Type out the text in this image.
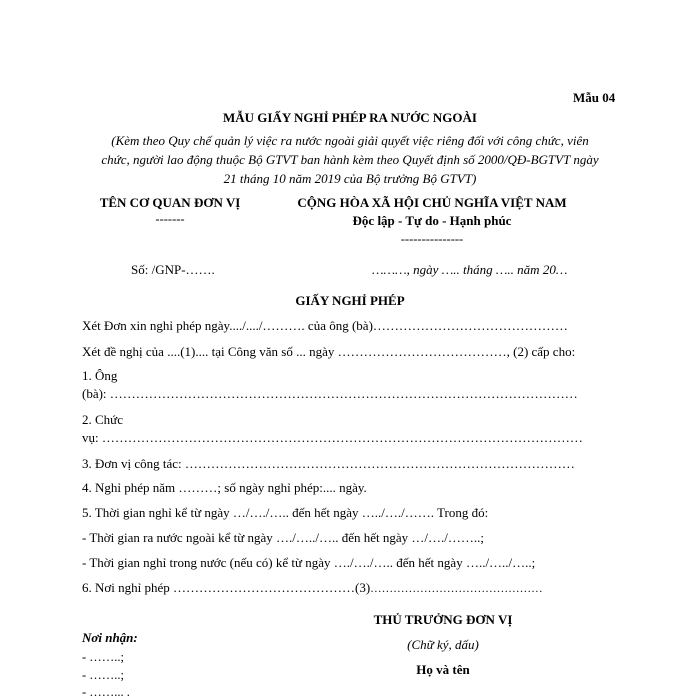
Mẫu 04
MẪU GIẤY NGHỈ PHÉP RA NƯỚC NGOÀI
(Kèm theo Quy chế quản lý việc ra nước ngoài giải quyết việc riêng đối với công chức, viên
chức, người lao động thuộc Bộ GTVT ban hành kèm theo Quyết định số 2000/QĐ-BGTVT ngày
21 tháng 10 năm 2019 của Bộ trưởng Bộ GTVT)
TÊN CƠ QUAN ĐƠN VỊ
-------
CỘNG HÒA XÃ HỘI CHỦ NGHĨA VIỆT NAM
Độc lập - Tự do - Hạnh phúc
---------------
Số: /GNP-…….	………, ngày ….. tháng ….. năm 20…
GIẤY NGHỈ PHÉP
Xét Đơn xin nghỉ phép ngày..../..../………. của ông (bà)………………………………………
Xét đề nghị của ....(1).... tại Công văn số ... ngày …………………………………, (2) cấp cho:
1. Ông
(bà): ………………………………………………………………………………………………
2. Chức
vụ: …………………………………………………………………………………………………
3. Đơn vị công tác: ………………………………………………………………………………
4. Nghỉ phép năm ………; số ngày nghỉ phép:.... ngày.
5. Thời gian nghỉ kể từ ngày …/…./….. đến hết ngày …../…./……. Trong đó:
- Thời gian ra nước ngoài kể từ ngày …./…../….. đến hết ngày …/…./……..;
- Thời gian nghỉ trong nước (nếu có) kể từ ngày …./…./….. đến hết ngày …../…../…..;
6. Nơi nghỉ phép ……………………………………(3)………………………………………
THỦ TRƯỞNG ĐƠN VỊ
(Chữ ký, dấu)
Họ và tên
Nơi nhận:
- ……..;
- ……..;
- ……... .
